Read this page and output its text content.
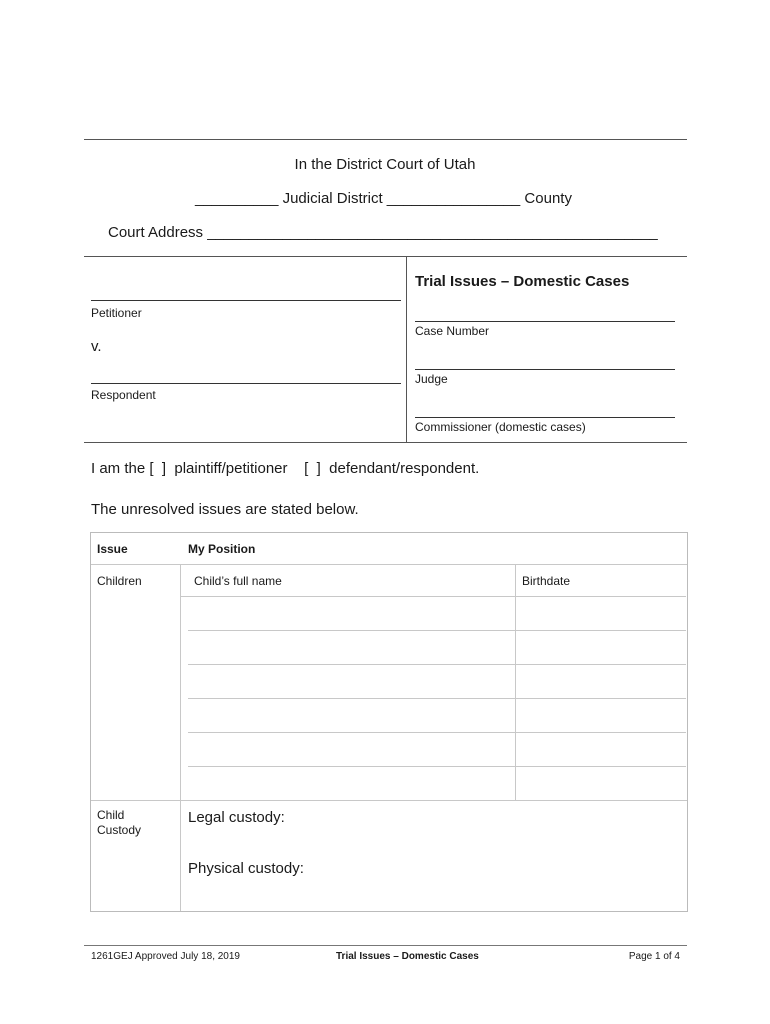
In the District Court of Utah
__________ Judicial District ________________ County
Court Address ______________________________________________________
Petitioner
v.
Respondent
Trial Issues – Domestic Cases
Case Number
Judge
Commissioner (domestic cases)
I am the [  ]  plaintiff/petitioner    [  ]  defendant/respondent.
The unresolved issues are stated below.
Issue	My Position
Children	Child’s full name	Birthdate
Child Custody
Legal custody:
Physical custody:
1261GEJ Approved July 18, 2019	Trial Issues – Domestic Cases	Page 1 of 4
